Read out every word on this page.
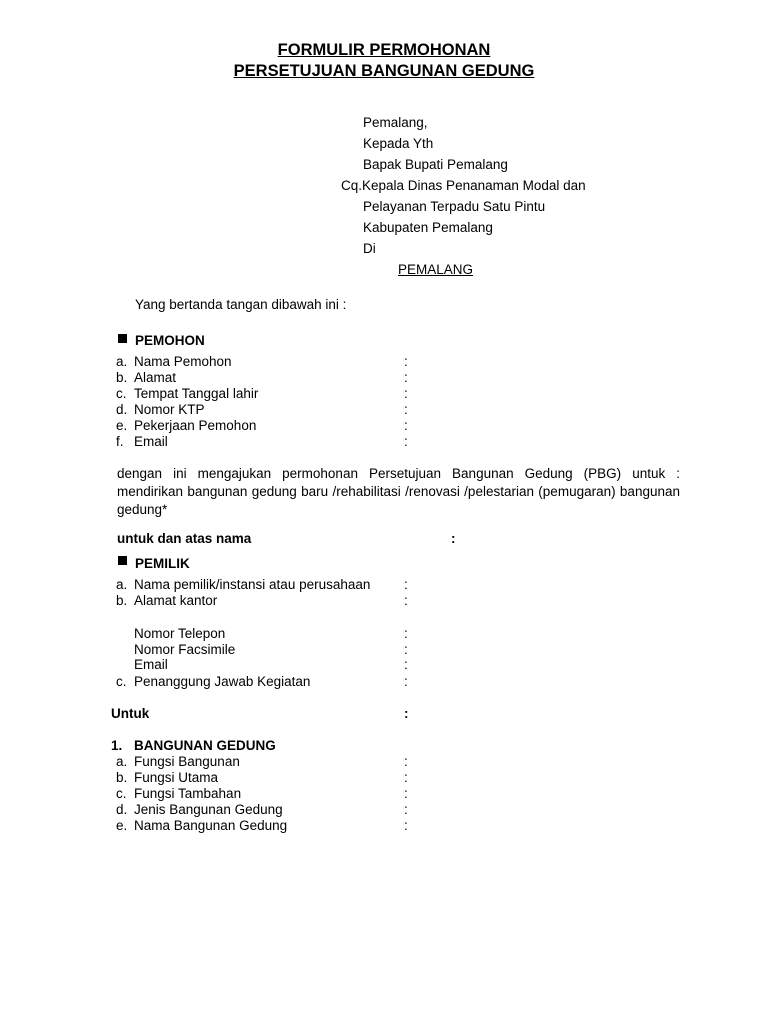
FORMULIR PERMOHONAN
PERSETUJUAN BANGUNAN GEDUNG
Pemalang,
Kepada Yth
Bapak Bupati Pemalang
Cq.Kepala Dinas Penanaman Modal dan
Pelayanan Terpadu Satu Pintu
Kabupaten Pemalang
Di
PEMALANG
Yang bertanda tangan dibawah ini :
PEMOHON
a. Nama Pemohon	:
b. Alamat	:
c. Tempat Tanggal lahir	:
d. Nomor KTP	:
e. Pekerjaan Pemohon	:
f. Email	:
dengan ini mengajukan permohonan Persetujuan Bangunan Gedung (PBG) untuk : mendirikan bangunan gedung baru /rehabilitasi /renovasi /pelestarian (pemugaran) bangunan gedung*
untuk dan atas nama	:
PEMILIK
a. Nama pemilik/instansi atau perusahaan :
b. Alamat kantor	:
Nomor Telepon	:
Nomor Facsimile	:
Email	:
c. Penanggung Jawab Kegiatan	:
Untuk	:
1. BANGUNAN GEDUNG
a. Fungsi Bangunan	:
b. Fungsi Utama	:
c. Fungsi Tambahan	:
d. Jenis Bangunan Gedung	:
e. Nama Bangunan Gedung	:
